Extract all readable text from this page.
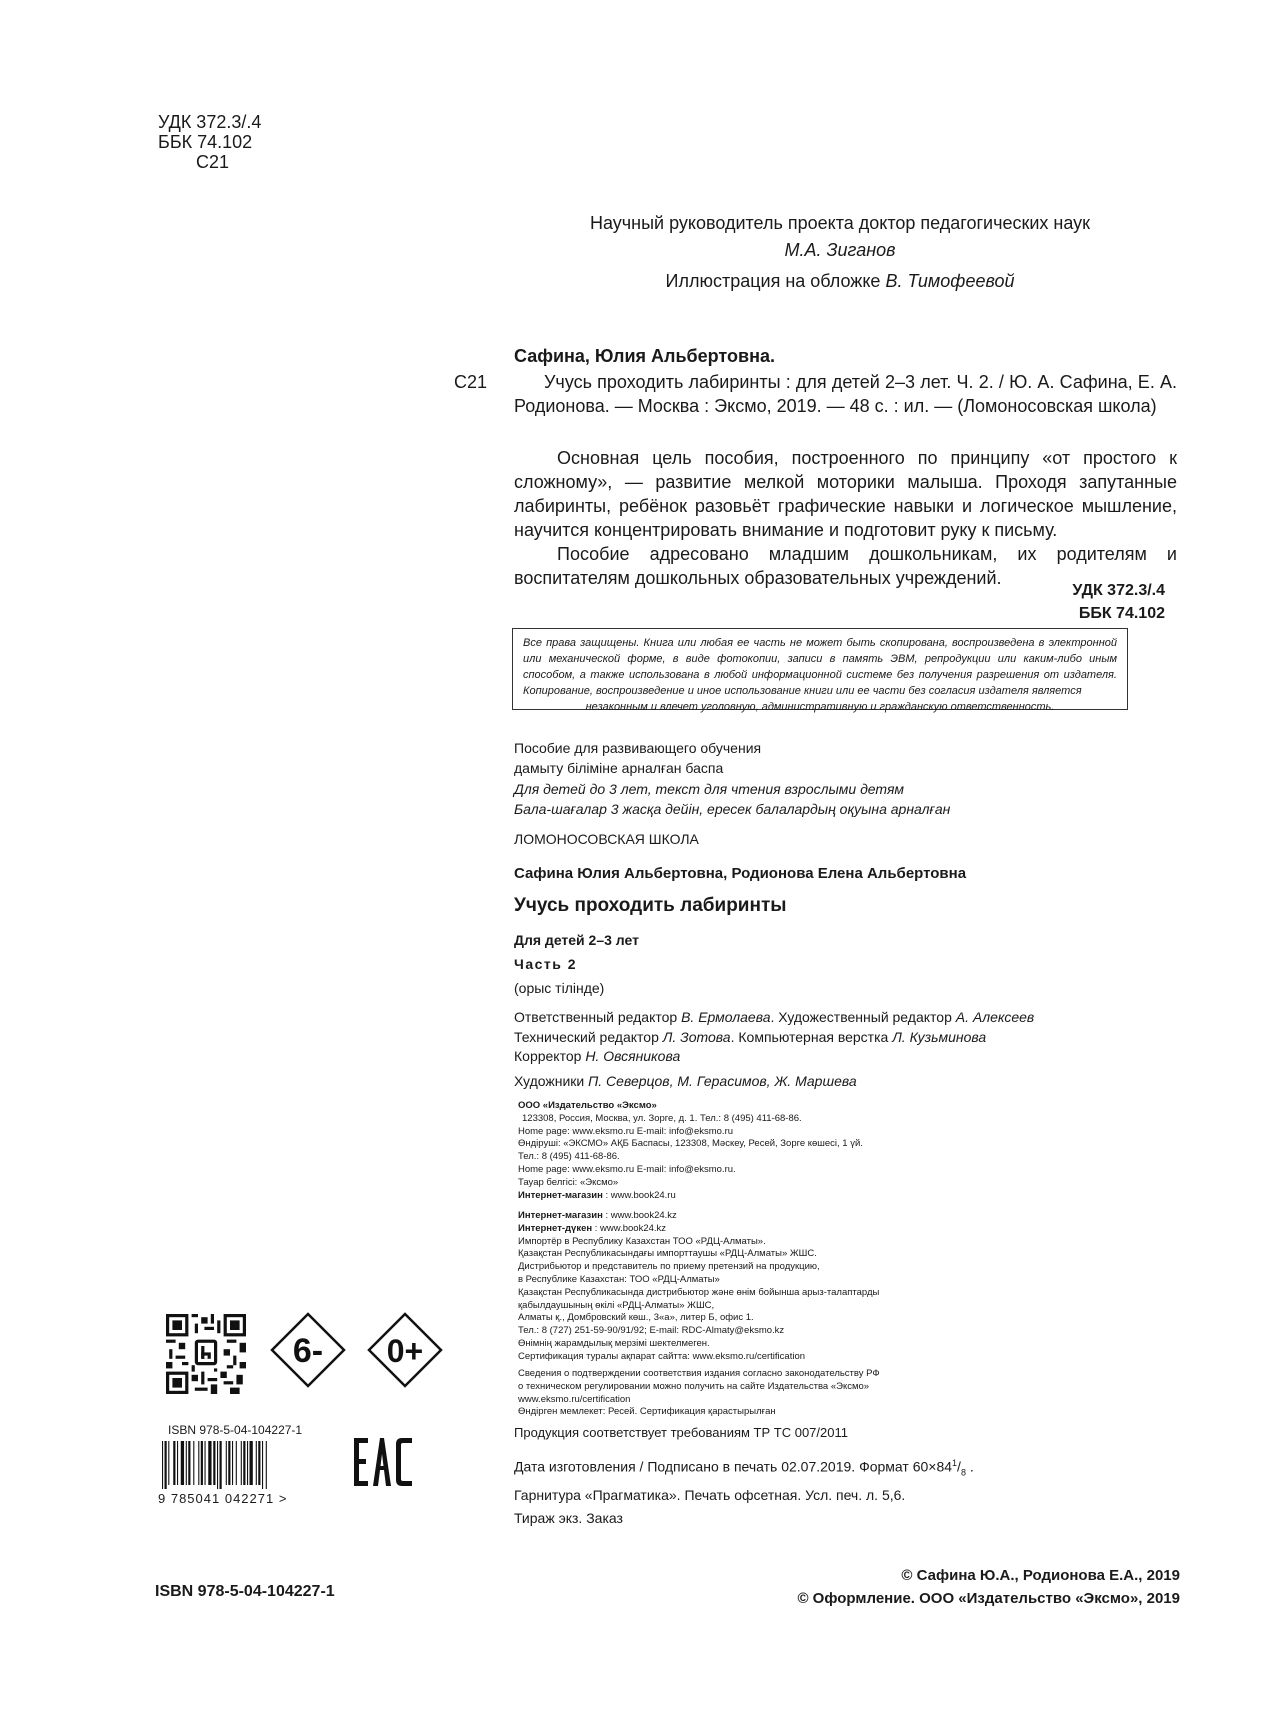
УДК 372.3/.4
ББК 74.102
С21
Научный руководитель проекта доктор педагогических наук
М.А. Зиганов
Иллюстрация на обложке В. Тимофеевой
Сафина, Юлия Альбертовна.
С21	Учусь проходить лабиринты : для детей 2–3 лет. Ч. 2. / Ю. А. Сафина, Е. А. Родионова. — Москва : Эксмо, 2019. — 48 с. : ил. — (Ломоносовская школа)

Основная цель пособия, построенного по принципу «от простого к сложному», — развитие мелкой моторики малыша. Проходя запутанные лабиринты, ребёнок разовьёт графические навыки и логическое мышление, научится концентрировать внимание и подготовит руку к письму.

Пособие адресовано младшим дошкольникам, их родителям и воспитателям дошкольных образовательных учреждений.

УДК 372.3/.4
ББК 74.102

Все права защищены. Книга или любая ее часть не может быть скопирована, воспроизведена в электронной или механической форме, в виде фотокопии, записи в память ЭВМ, репродукции или каким-либо иным способом, а также использована в любой информационной системе без получения разрешения от издателя. Копирование, воспроизведение и иное использование книги или ее части без согласия издателя является

незаконным и влечет уголовную, административную и гражданскую ответственность.

Пособие для развивающего обучения
дамыту біліміне арналған баспа
Для детей до 3 лет, текст для чтения взрослыми детям
Бала-шағалар 3 жасқа дейін, ересек балалардың оқуына арналған
ЛОМОНОСОВСКАЯ ШКОЛА
Сафина Юлия Альбертовна, Родионова Елена Альбертовна
Учусь проходить лабиринты
Для детей 2–3 лет
Часть 2
(орыс тілінде)
Ответственный редактор В. Ермолаева. Художественный редактор А. Алексеев
Технический редактор Л. Зотова. Компьютерная верстка Л. Кузьминова
Корректор Н. Овсяникова
Художники П. Северцов, М. Герасимов, Ж. Маршева
ООО «Издательство «Эксмо»
123308, Россия, Москва, ул. Зорге, д. 1. Тел.: 8 (495) 411-68-86.
Home page: www.eksmo.ru E-mail: info@eksmo.ru
Өндіруші: «ЭКСМО» АҚБ Баспасы, 123308, Мәскеу, Ресей, Зорге көшесі, 1 үй.
Тел.: 8 (495) 411-68-86.
Home page: www.eksmo.ru E-mail: info@eksmo.ru.
Тауар белгісі: «Эксмо»
Интернет-магазин : www.book24.ru
Интернет-магазин : www.book24.kz
Интернет-дүкен : www.book24.kz
Импортёр в Республику Казахстан ТОО «РДЦ-Алматы».
Қазақстан Республикасындағы импорттаушы «РДЦ-Алматы» ЖШС.
Дистрибьютор и представитель по приему претензий на продукцию,
в Республике Казахстан: ТОО «РДЦ-Алматы»
Қазақстан Республикасында дистрибьютор және өнім бойынша арыз-талаптарды
қабылдаушының өкілі «РДЦ-Алматы» ЖШС,
Алматы қ., Домбровский көш., 3«а», литер Б, офис 1.
Тел.: 8 (727) 251-59-90/91/92; E-mail: RDC-Almaty@eksmo.kz
Өнімнің жарамдылық мерзімі шектелмеген.
Сертификация туралы ақпарат сайтта: www.eksmo.ru/certification
Сведения о подтверждении соответствия издания согласно законодательству РФ
о техническом регулировании можно получить на сайте Издательства «Эксмо»
www.eksmo.ru/certification
Өндірген мемлекет: Ресей. Сертификация қарастырылған
Продукция соответствует требованиям ТР ТС 007/2011
Дата изготовления / Подписано в печать 02.07.2019. Формат $60\times 84^1/_8$ .
Гарнитура «Прагматика». Печать офсетная. Усл. печ. л. 5,6.
Тираж экз. Заказ
6- 0+
ISBN 978-5-04-104227-1
9 785041 042271 >
ISBN 978-5-04-104227-1
© Сафина Ю.А., Родионова Е.А., 2019
© Оформление. ООО «Издательство «Эксмо», 2019
